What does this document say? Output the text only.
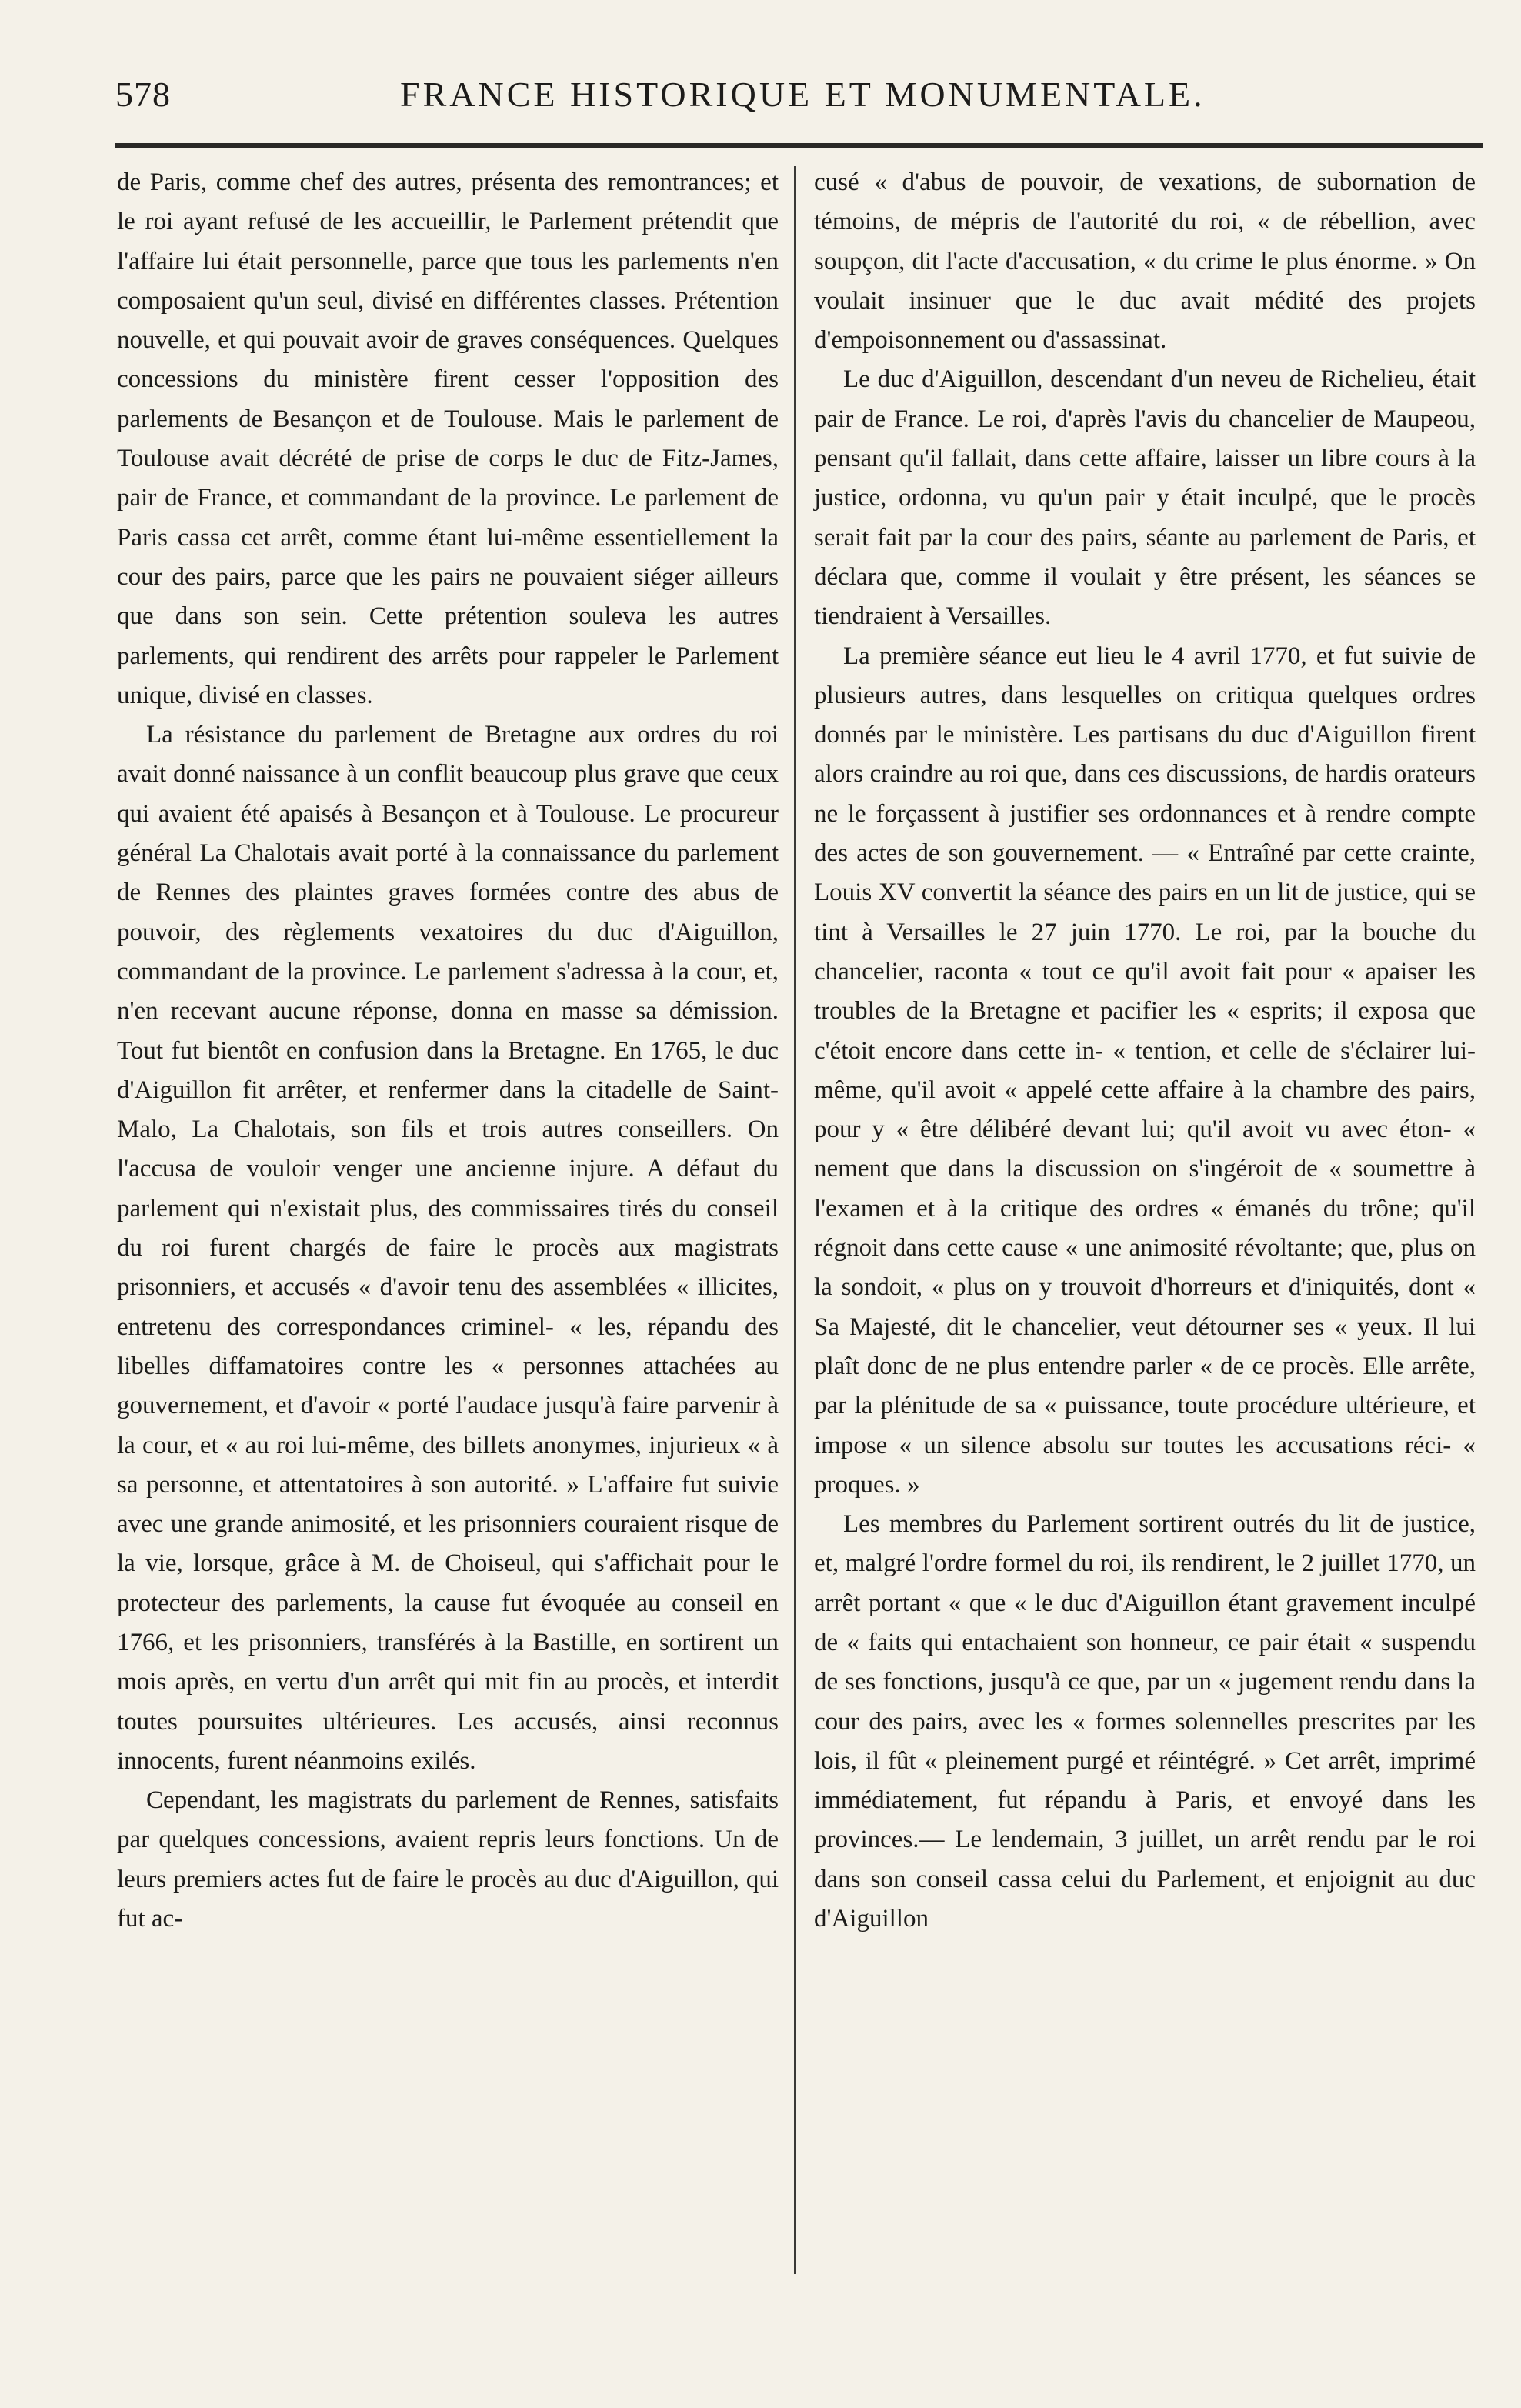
578	FRANCE HISTORIQUE ET MONUMENTALE.

de Paris, comme chef des autres, présenta des remontrances; et le roi ayant refusé de les accueillir, le Parlement prétendit que l'affaire lui était personnelle, parce que tous les parlements n'en composaient qu'un seul, divisé en différentes classes. Prétention nouvelle, et qui pouvait avoir de graves conséquences. Quelques concessions du ministère firent cesser l'opposition des parlements de Besançon et de Toulouse. Mais le parlement de Toulouse avait décrété de prise de corps le duc de Fitz-James, pair de France, et commandant de la province. Le parlement de Paris cassa cet arrêt, comme étant lui-même essentiellement la cour des pairs, parce que les pairs ne pouvaient siéger ailleurs que dans son sein. Cette prétention souleva les autres parlements, qui rendirent des arrêts pour rappeler le Parlement unique, divisé en classes.

La résistance du parlement de Bretagne aux ordres du roi avait donné naissance à un conflit beaucoup plus grave que ceux qui avaient été apaisés à Besançon et à Toulouse. Le procureur général La Chalotais avait porté à la connaissance du parlement de Rennes des plaintes graves formées contre des abus de pouvoir, des règlements vexatoires du duc d'Aiguillon, commandant de la province. Le parlement s'adressa à la cour, et, n'en recevant aucune réponse, donna en masse sa démission. Tout fut bientôt en confusion dans la Bretagne. En 1765, le duc d'Aiguillon fit arrêter, et renfermer dans la citadelle de Saint-Malo, La Chalotais, son fils et trois autres conseillers. On l'accusa de vouloir venger une ancienne injure. A défaut du parlement qui n'existait plus, des commissaires tirés du conseil du roi furent chargés de faire le procès aux magistrats prisonniers, et accusés « d'avoir tenu des assemblées « illicites, entretenu des correspondances criminel- « les, répandu des libelles diffamatoires contre les « personnes attachées au gouvernement, et d'avoir « porté l'audace jusqu'à faire parvenir à la cour, et « au roi lui-même, des billets anonymes, injurieux « à sa personne, et attentatoires à son autorité. » L'affaire fut suivie avec une grande animosité, et les prisonniers couraient risque de la vie, lorsque, grâce à M. de Choiseul, qui s'affichait pour le protecteur des parlements, la cause fut évoquée au conseil en 1766, et les prisonniers, transférés à la Bastille, en sortirent un mois après, en vertu d'un arrêt qui mit fin au procès, et interdit toutes poursuites ultérieures. Les accusés, ainsi reconnus innocents, furent néanmoins exilés.

Cependant, les magistrats du parlement de Rennes, satisfaits par quelques concessions, avaient repris leurs fonctions. Un de leurs premiers actes fut de faire le procès au duc d'Aiguillon, qui fut ac-

cusé « d'abus de pouvoir, de vexations, de subornation de témoins, de mépris de l'autorité du roi, « de rébellion, avec soupçon, dit l'acte d'accusation, « du crime le plus énorme. » On voulait insinuer que le duc avait médité des projets d'empoisonnement ou d'assassinat.

Le duc d'Aiguillon, descendant d'un neveu de Richelieu, était pair de France. Le roi, d'après l'avis du chancelier de Maupeou, pensant qu'il fallait, dans cette affaire, laisser un libre cours à la justice, ordonna, vu qu'un pair y était inculpé, que le procès serait fait par la cour des pairs, séante au parlement de Paris, et déclara que, comme il voulait y être présent, les séances se tiendraient à Versailles.

La première séance eut lieu le 4 avril 1770, et fut suivie de plusieurs autres, dans lesquelles on critiqua quelques ordres donnés par le ministère. Les partisans du duc d'Aiguillon firent alors craindre au roi que, dans ces discussions, de hardis orateurs ne le forçassent à justifier ses ordonnances et à rendre compte des actes de son gouvernement. — « Entraîné par cette crainte, Louis XV convertit la séance des pairs en un lit de justice, qui se tint à Versailles le 27 juin 1770. Le roi, par la bouche du chancelier, raconta « tout ce qu'il avoit fait pour « apaiser les troubles de la Bretagne et pacifier les « esprits; il exposa que c'étoit encore dans cette in- « tention, et celle de s'éclairer lui-même, qu'il avoit « appelé cette affaire à la chambre des pairs, pour y « être délibéré devant lui; qu'il avoit vu avec éton- « nement que dans la discussion on s'ingéroit de « soumettre à l'examen et à la critique des ordres « émanés du trône; qu'il régnoit dans cette cause « une animosité révoltante; que, plus on la sondoit, « plus on y trouvoit d'horreurs et d'iniquités, dont « Sa Majesté, dit le chancelier, veut détourner ses « yeux. Il lui plaît donc de ne plus entendre parler « de ce procès. Elle arrête, par la plénitude de sa « puissance, toute procédure ultérieure, et impose « un silence absolu sur toutes les accusations réci- « proques. »

Les membres du Parlement sortirent outrés du lit de justice, et, malgré l'ordre formel du roi, ils rendirent, le 2 juillet 1770, un arrêt portant « que « le duc d'Aiguillon étant gravement inculpé de « faits qui entachaient son honneur, ce pair était « suspendu de ses fonctions, jusqu'à ce que, par un « jugement rendu dans la cour des pairs, avec les « formes solennelles prescrites par les lois, il fût « pleinement purgé et réintégré. » Cet arrêt, imprimé immédiatement, fut répandu à Paris, et envoyé dans les provinces.— Le lendemain, 3 juillet, un arrêt rendu par le roi dans son conseil cassa celui du Parlement, et enjoignit au duc d'Aiguillon
